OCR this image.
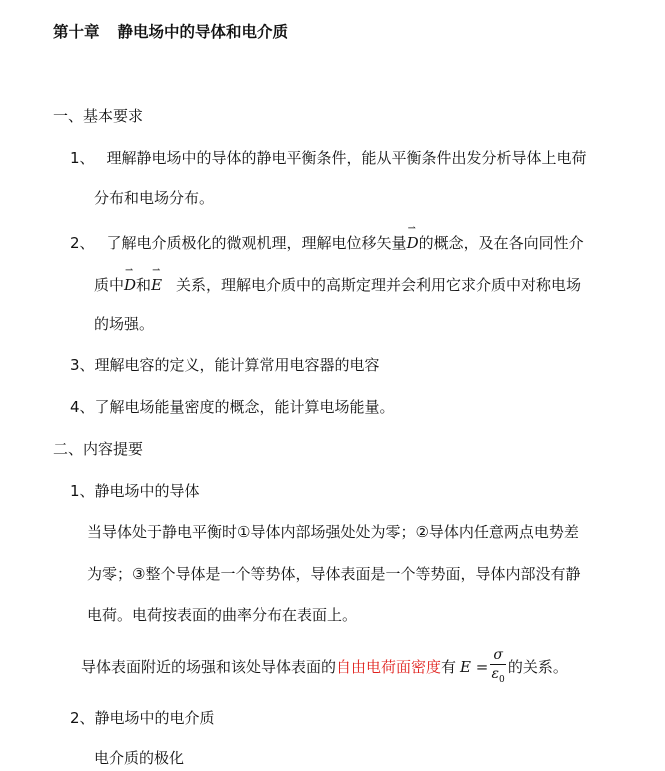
第十章 静电场中的导体和电介质
一、基本要求
1、 理解静电场中的导体的静电平衡条件，能从平衡条件出发分析导体上电荷
分布和电场分布。
2、 了解电介质极化的微观机理，理解电位移矢量
⇀
D的概念，及在各向同性介
质中
⇀
D和
⇀
E 关系，理解电介质中的高斯定理并会利用它求介质中对称电场
的场强。
3、理解电容的定义，能计算常用电容器的电容
4、了解电场能量密度的概念，能计算电场能量。
二、内容提要
1、静电场中的导体
当导体处于静电平衡时①导体内部场强处处为零；②导体内任意两点电势差
为零；③整个导体是一个等势体，导体表面是一个等势面，导体内部没有静
电荷。电荷按表面的曲率分布在表面上。
导体表面附近的场强和该处导体表面的自由电荷面密度有 $E = \frac{\sigma}{\varepsilon_0}$ 的关系。
2、静电场中的电介质
电介质的极化
